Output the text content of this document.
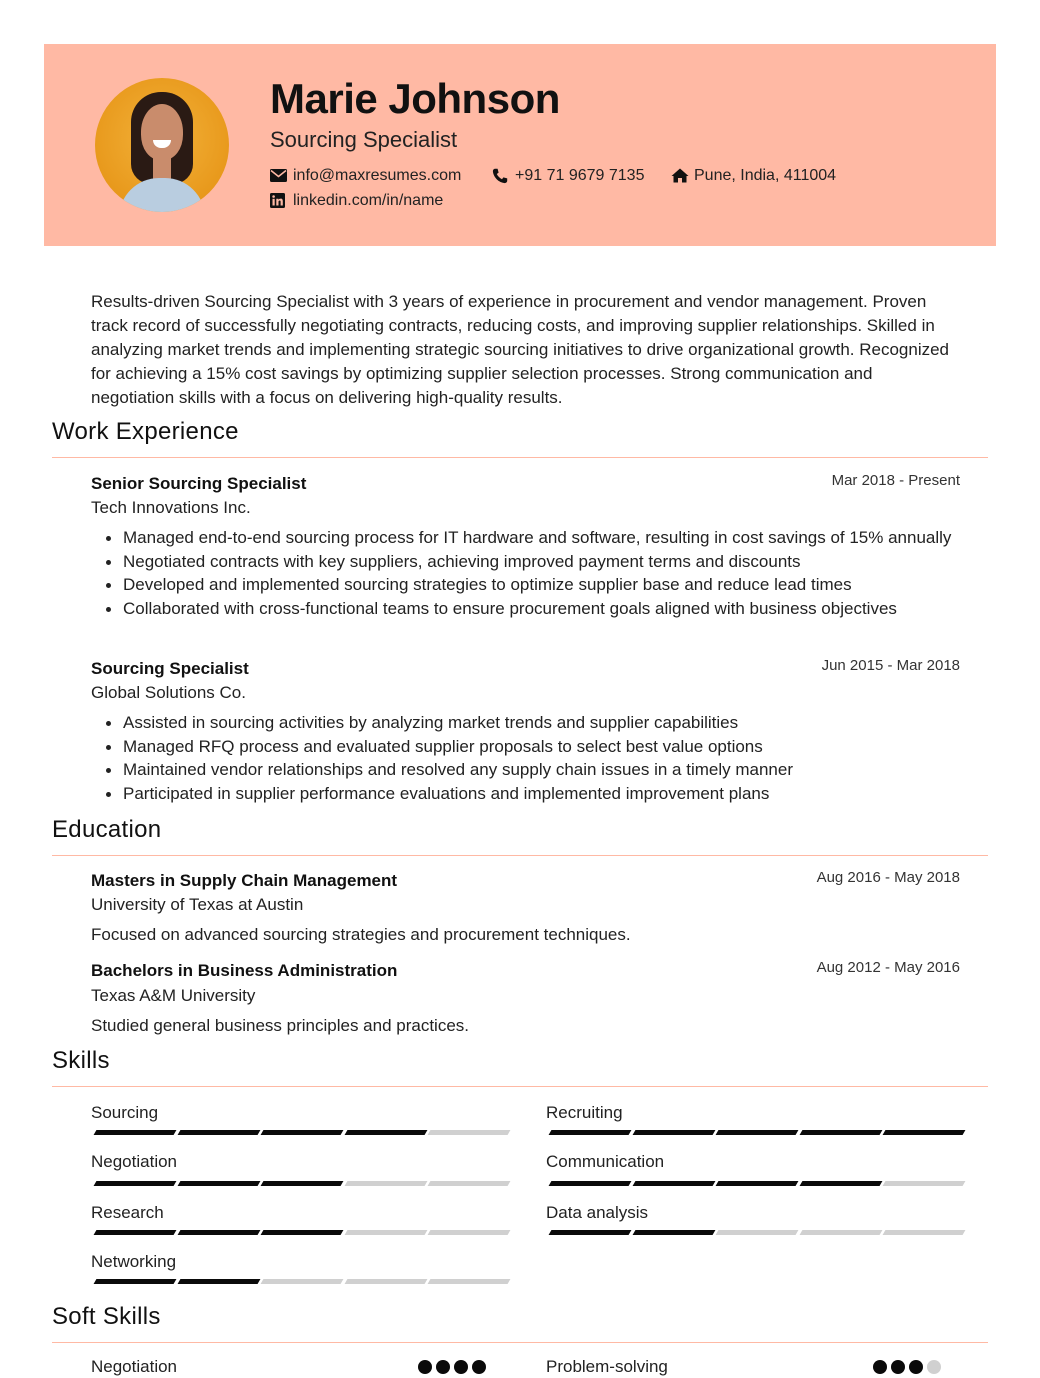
Marie Johnson
Sourcing Specialist
info@maxresumes.com	+91 71 9679 7135	Pune, India, 411004
linkedin.com/in/name
Results-driven Sourcing Specialist with 3 years of experience in procurement and vendor management. Proven track record of successfully negotiating contracts, reducing costs, and improving supplier relationships. Skilled in analyzing market trends and implementing strategic sourcing initiatives to drive organizational growth. Recognized for achieving a 15% cost savings by optimizing supplier selection processes. Strong communication and negotiation skills with a focus on delivering high-quality results.
Work Experience
Senior Sourcing Specialist	Mar 2018 - Present
Tech Innovations Inc.
Managed end-to-end sourcing process for IT hardware and software, resulting in cost savings of 15% annually
Negotiated contracts with key suppliers, achieving improved payment terms and discounts
Developed and implemented sourcing strategies to optimize supplier base and reduce lead times
Collaborated with cross-functional teams to ensure procurement goals aligned with business objectives
Sourcing Specialist	Jun 2015 - Mar 2018
Global Solutions Co.
Assisted in sourcing activities by analyzing market trends and supplier capabilities
Managed RFQ process and evaluated supplier proposals to select best value options
Maintained vendor relationships and resolved any supply chain issues in a timely manner
Participated in supplier performance evaluations and implemented improvement plans
Education
Masters in Supply Chain Management	Aug 2016 - May 2018
University of Texas at Austin
Focused on advanced sourcing strategies and procurement techniques.
Bachelors in Business Administration	Aug 2012 - May 2016
Texas A&M University
Studied general business principles and practices.
Skills
Sourcing	Recruiting
Negotiation	Communication
Research	Data analysis
Networking
Soft Skills
Negotiation	Problem-solving
